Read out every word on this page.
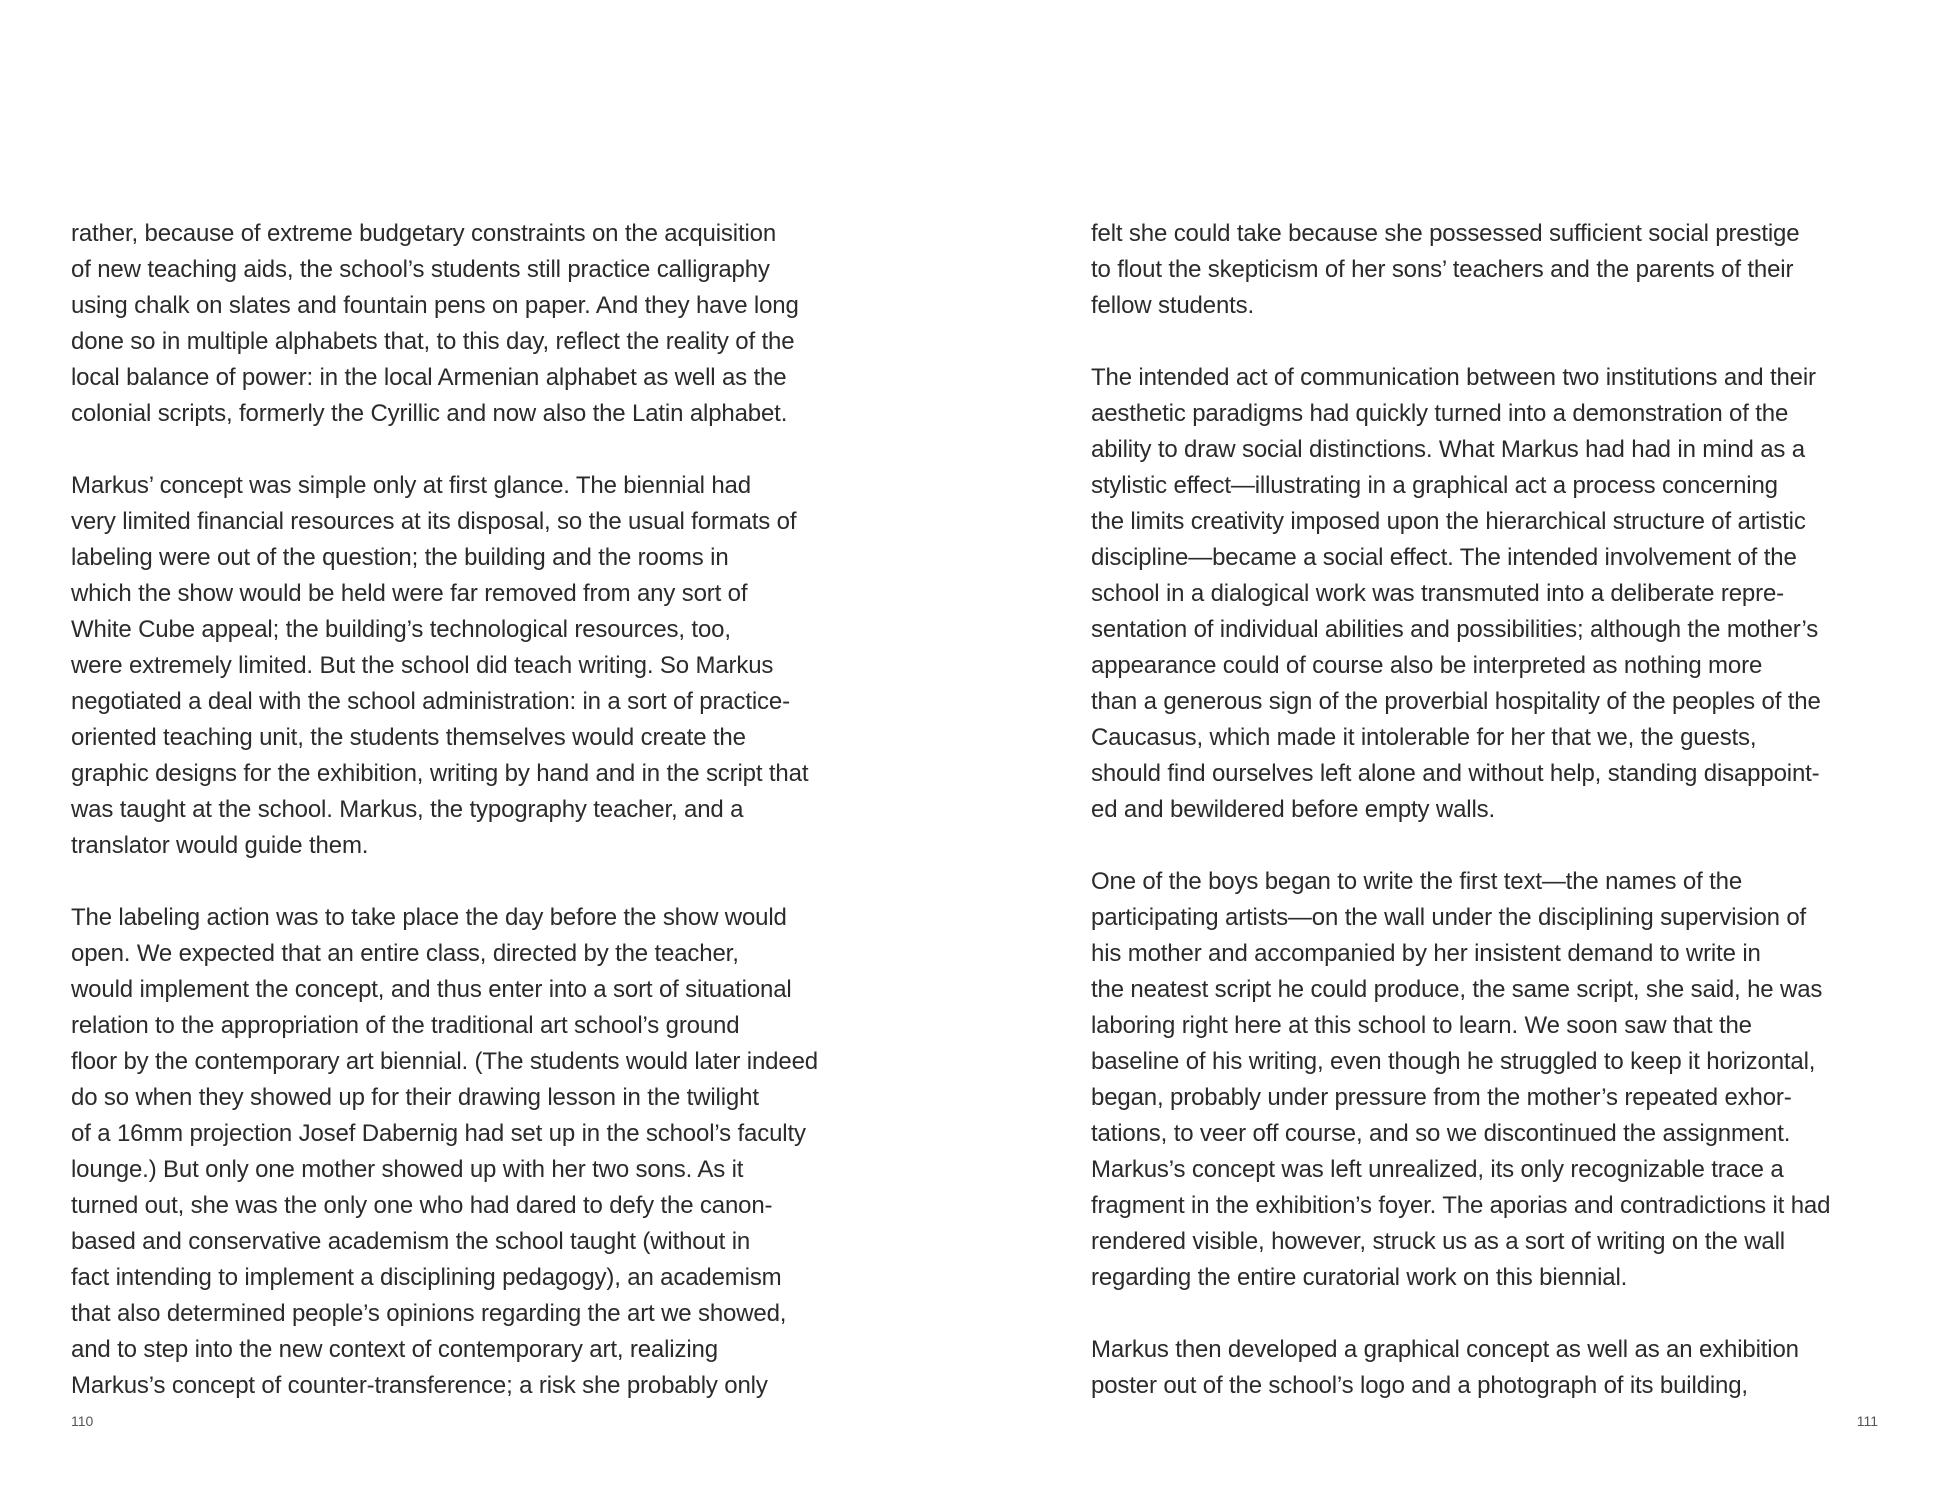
rather, because of extreme budgetary constraints on the acquisition
of new teaching aids, the school’s students still practice calligraphy
using chalk on slates and fountain pens on paper. And they have long
done so in multiple alphabets that, to this day, reflect the reality of the
local balance of power: in the local Armenian alphabet as well as the
colonial scripts, formerly the Cyrillic and now also the Latin alphabet.

Markus’ concept was simple only at first glance. The biennial had
very limited financial resources at its disposal, so the usual formats of
labeling were out of the question; the building and the rooms in
which the show would be held were far removed from any sort of
White Cube appeal; the building’s technological resources, too,
were extremely limited. But the school did teach writing. So Markus
negotiated a deal with the school administration: in a sort of practice-
oriented teaching unit, the students themselves would create the
graphic designs for the exhibition, writing by hand and in the script that
was taught at the school. Markus, the typography teacher, and a
translator would guide them.

The labeling action was to take place the day before the show would
open. We expected that an entire class, directed by the teacher,
would implement the concept, and thus enter into a sort of situational
relation to the appropriation of the traditional art school’s ground
floor by the contemporary art biennial. (The students would later indeed
do so when they showed up for their drawing lesson in the twilight
of a 16mm projection Josef Dabernig had set up in the school’s faculty
lounge.) But only one mother showed up with her two sons. As it
turned out, she was the only one who had dared to defy the canon-
based and conservative academism the school taught (without in
fact intending to implement a disciplining pedagogy), an academism
that also determined people’s opinions regarding the art we showed,
and to step into the new context of contemporary art, realizing
Markus’s concept of counter-transference; a risk she probably only

110

felt she could take because she possessed sufficient social prestige
to flout the skepticism of her sons’ teachers and the parents of their
fellow students.

The intended act of communication between two institutions and their
aesthetic paradigms had quickly turned into a demonstration of the
ability to draw social distinctions. What Markus had had in mind as a
stylistic effect—illustrating in a graphical act a process concerning
the limits creativity imposed upon the hierarchical structure of artistic
discipline—became a social effect. The intended involvement of the
school in a dialogical work was transmuted into a deliberate repre-
sentation of individual abilities and possibilities; although the mother’s
appearance could of course also be interpreted as nothing more
than a generous sign of the proverbial hospitality of the peoples of the
Caucasus, which made it intolerable for her that we, the guests,
should find ourselves left alone and without help, standing disappoint-
ed and bewildered before empty walls.

One of the boys began to write the first text—the names of the
participating artists—on the wall under the disciplining supervision of
his mother and accompanied by her insistent demand to write in
the neatest script he could produce, the same script, she said, he was
laboring right here at this school to learn. We soon saw that the
baseline of his writing, even though he struggled to keep it horizontal,
began, probably under pressure from the mother’s repeated exhor-
tations, to veer off course, and so we discontinued the assignment.
Markus’s concept was left unrealized, its only recognizable trace a
fragment in the exhibition’s foyer. The aporias and contradictions it had
rendered visible, however, struck us as a sort of writing on the wall
regarding the entire curatorial work on this biennial.

Markus then developed a graphical concept as well as an exhibition
poster out of the school’s logo and a photograph of its building,

111
